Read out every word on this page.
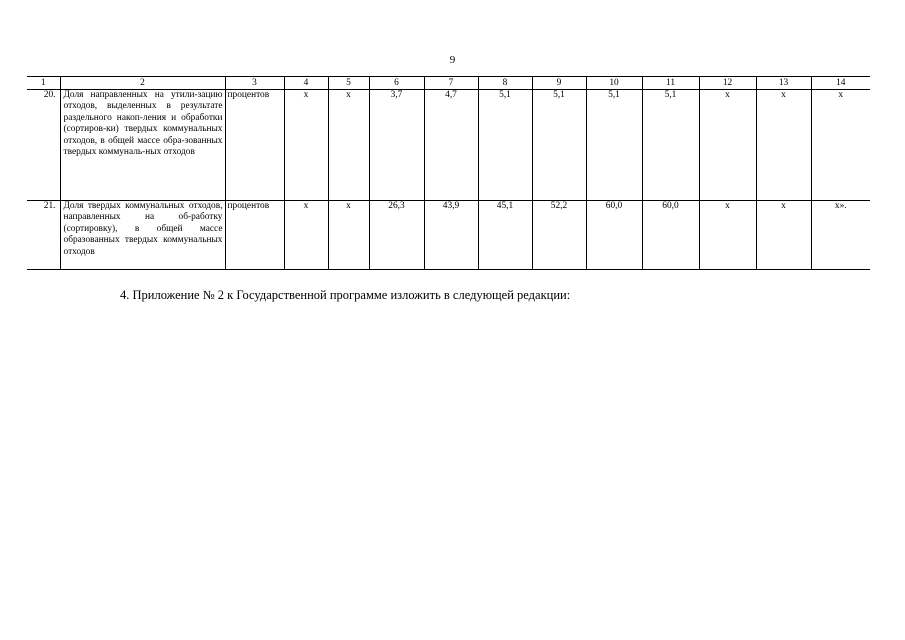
9
1	2	3	4	5	6	7	8	9	10	11	12	13	14
20.	Доля направленных на утили-зацию отходов, выделенных в результате раздельного накоп-ления и обработки (сортиров-ки) твердых коммунальных отходов, в общей массе обра-зованных твердых коммуналь-ных отходов	процентов	х	х	3,7	4,7	5,1	5,1	5,1	5,1	х	х	х
21.	Доля твердых коммунальных отходов, направленных на об-работку (сортировку), в общей массе образованных твердых коммунальных отходов	процентов	х	х	26,3	43,9	45,1	52,2	60,0	60,0	х	х	х».
4. Приложение № 2 к Государственной программе изложить в следующей редакции:
